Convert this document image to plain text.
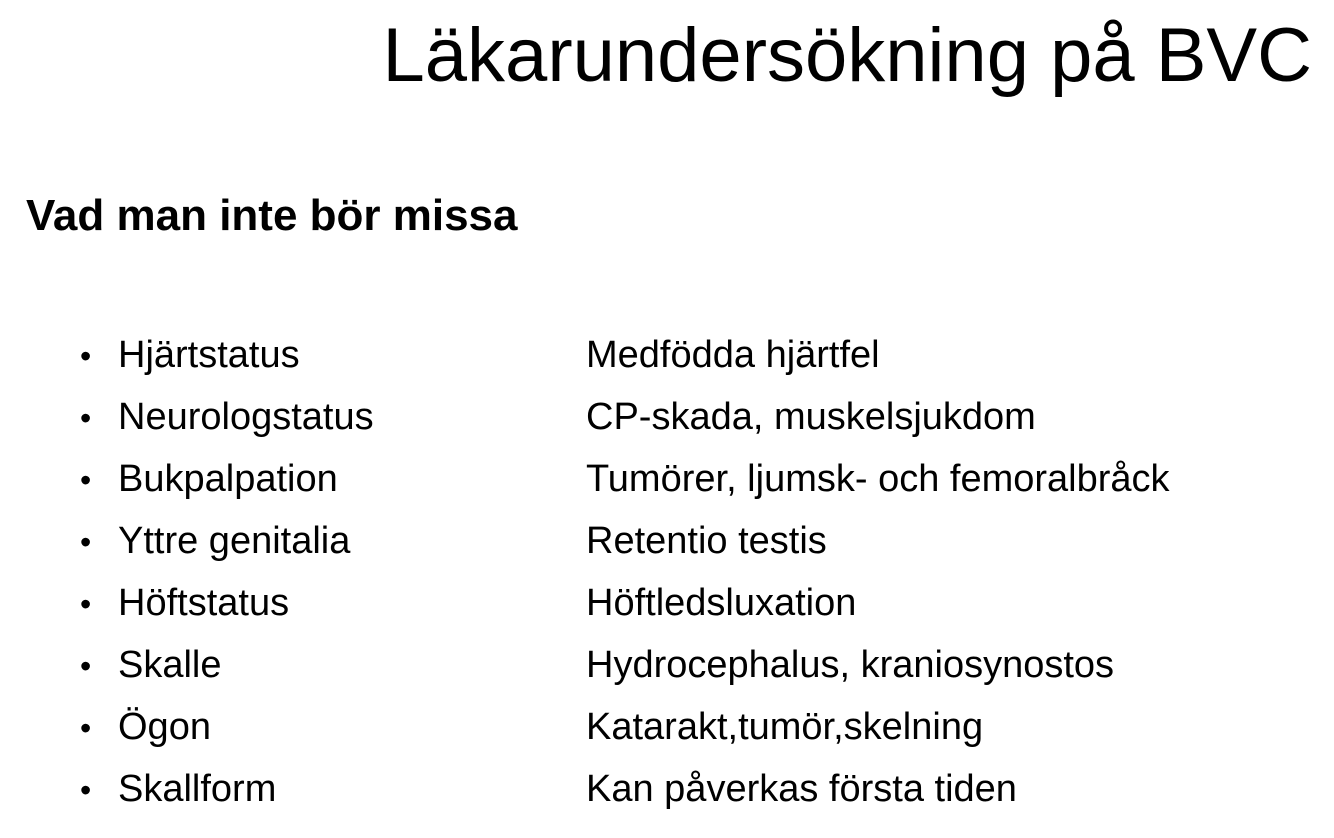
Läkarundersökning på BVC
Vad man inte bör missa
• Hjärtstatus	Medfödda hjärtfel
• Neurologstatus	CP-skada, muskelsjukdom
• Bukpalpation	Tumörer, ljumsk- och femoralbråck
• Yttre genitalia	Retentio testis
• Höftstatus	Höftledsluxation
• Skalle	Hydrocephalus, kraniosynostos
• Ögon	Katarakt,tumör,skelning
• Skallform	Kan påverkas första tiden
